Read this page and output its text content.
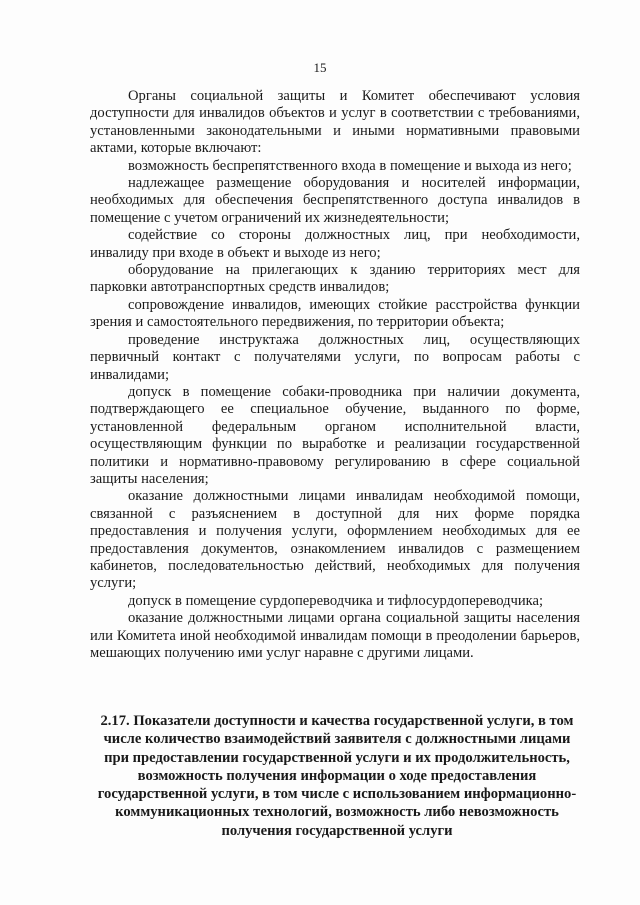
15

Органы социальной защиты и Комитет обеспечивают условия доступности для инвалидов объектов и услуг в соответствии с требованиями, установленными законодательными и иными нормативными правовыми актами, которые включают:

возможность беспрепятственного входа в помещение и выхода из него;

надлежащее размещение оборудования и носителей информации, необходимых для обеспечения беспрепятственного доступа инвалидов в помещение с учетом ограничений их жизнедеятельности;

содействие со стороны должностных лиц, при необходимости, инвалиду при входе в объект и выходе из него;

оборудование на прилегающих к зданию территориях мест для парковки автотранспортных средств инвалидов;

сопровождение инвалидов, имеющих стойкие расстройства функции зрения и самостоятельного передвижения, по территории объекта;

проведение инструктажа должностных лиц, осуществляющих первичный контакт с получателями услуги, по вопросам работы с инвалидами;

допуск в помещение собаки-проводника при наличии документа, подтверждающего ее специальное обучение, выданного по форме, установленной федеральным органом исполнительной власти, осуществляющим функции по выработке и реализации государственной политики и нормативно-правовому регулированию в сфере социальной защиты населения;

оказание должностными лицами инвалидам необходимой помощи, связанной с разъяснением в доступной для них форме порядка предоставления и получения услуги, оформлением необходимых для ее предоставления документов, ознакомлением инвалидов с размещением кабинетов, последовательностью действий, необходимых для получения услуги;

допуск в помещение сурдопереводчика и тифлосурдопереводчика;

оказание должностными лицами органа социальной защиты населения или Комитета иной необходимой инвалидам помощи в преодолении барьеров, мешающих получению ими услуг наравне с другими лицами.

2.17. Показатели доступности и качества государственной услуги, в том числе количество взаимодействий заявителя с должностными лицами при предоставлении государственной услуги и их продолжительность, возможность получения информации о ходе предоставления государственной услуги, в том числе с использованием информационно-коммуникационных технологий, возможность либо невозможность получения государственной услуги
